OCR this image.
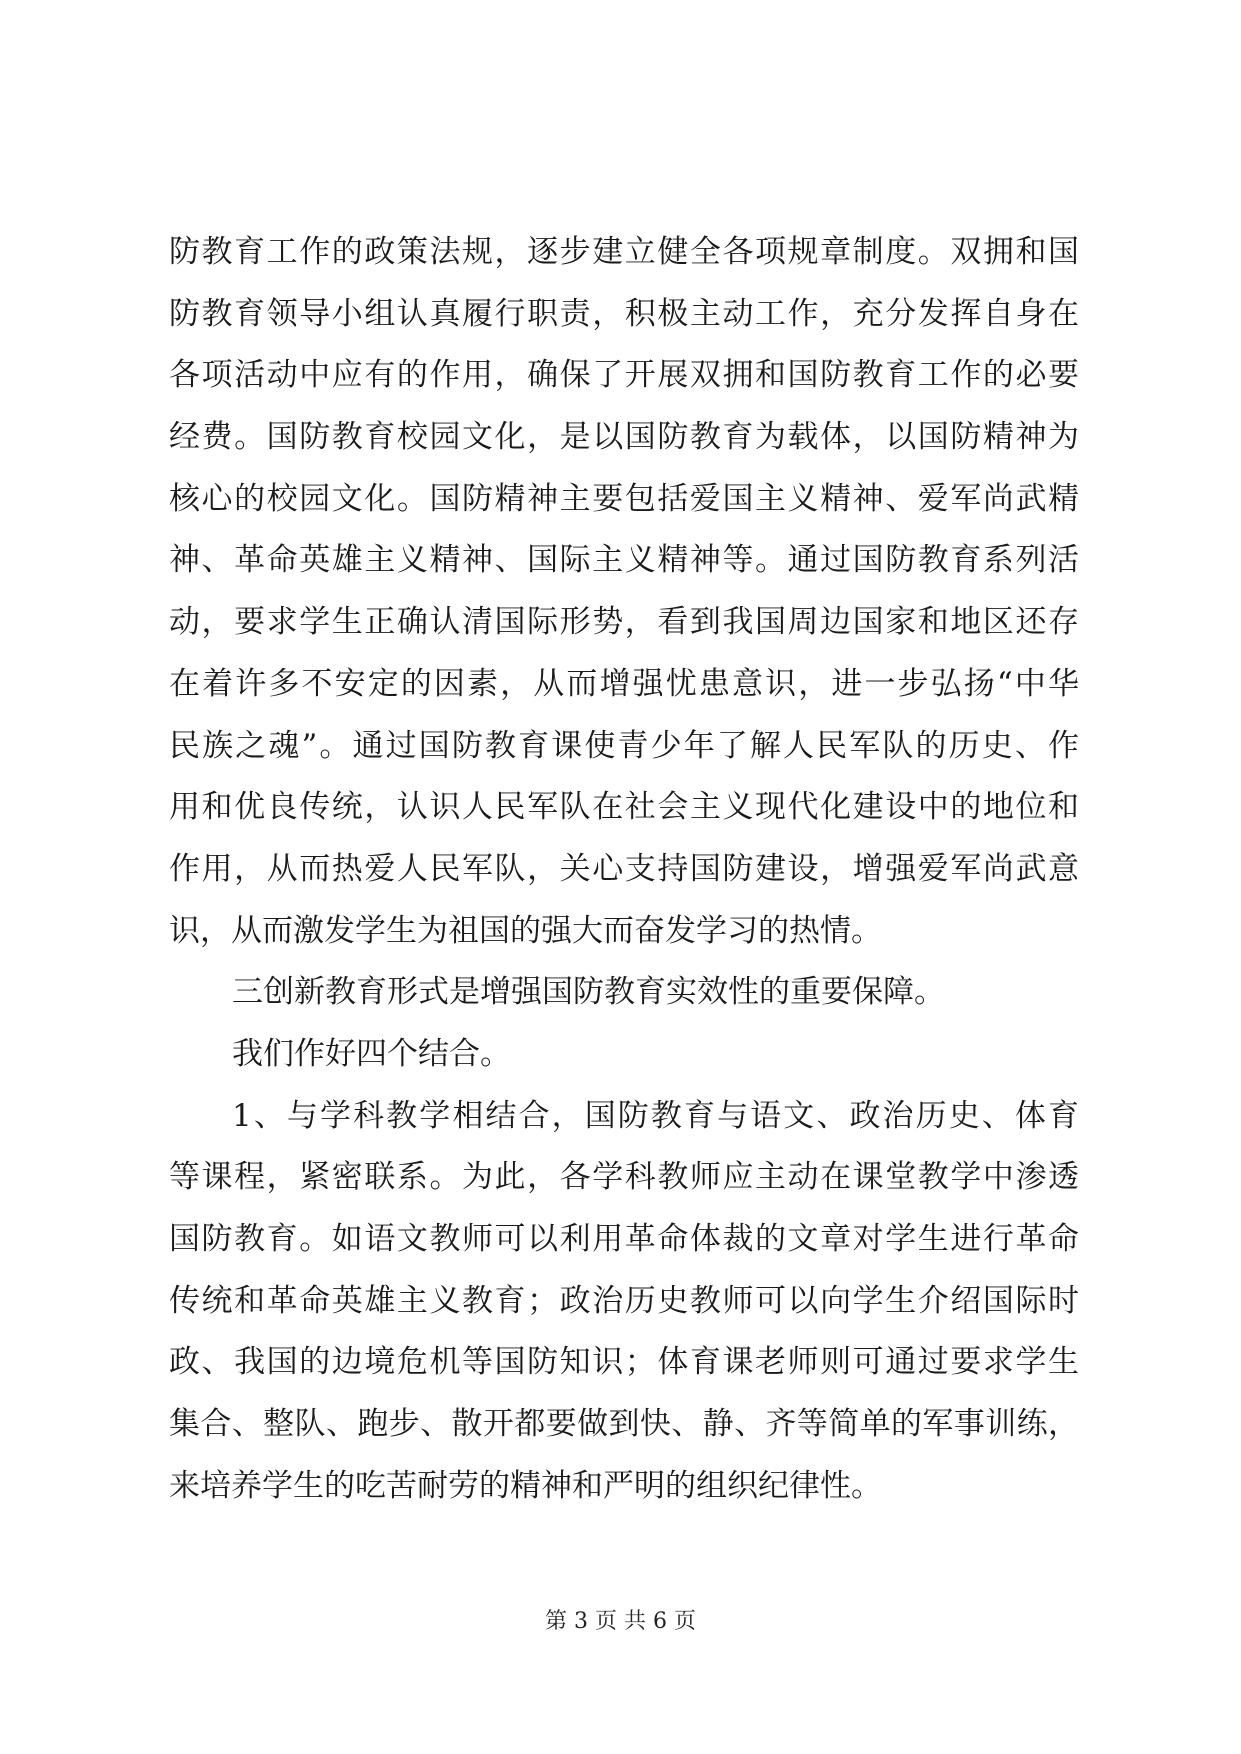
防教育工作的政策法规，逐步建立健全各项规章制度。双拥和国
防教育领导小组认真履行职责，积极主动工作，充分发挥自身在
各项活动中应有的作用，确保了开展双拥和国防教育工作的必要
经费。国防教育校园文化，是以国防教育为载体，以国防精神为
核心的校园文化。国防精神主要包括爱国主义精神、爱军尚武精
神、革命英雄主义精神、国际主义精神等。通过国防教育系列活
动，要求学生正确认清国际形势，看到我国周边国家和地区还存
在着许多不安定的因素，从而增强忧患意识，进一步弘扬“中华
民族之魂”。通过国防教育课使青少年了解人民军队的历史、作
用和优良传统，认识人民军队在社会主义现代化建设中的地位和
作用，从而热爱人民军队，关心支持国防建设，增强爱军尚武意
识，从而激发学生为祖国的强大而奋发学习的热情。
三创新教育形式是增强国防教育实效性的重要保障。
我们作好四个结合。
1、与学科教学相结合，国防教育与语文、政治历史、体育
等课程，紧密联系。为此，各学科教师应主动在课堂教学中渗透
国防教育。如语文教师可以利用革命体裁的文章对学生进行革命
传统和革命英雄主义教育；政治历史教师可以向学生介绍国际时
政、我国的边境危机等国防知识；体育课老师则可通过要求学生
集合、整队、跑步、散开都要做到快、静、齐等简单的军事训练，
来培养学生的吃苦耐劳的精神和严明的组织纪律性。
第 3 页 共 6 页
